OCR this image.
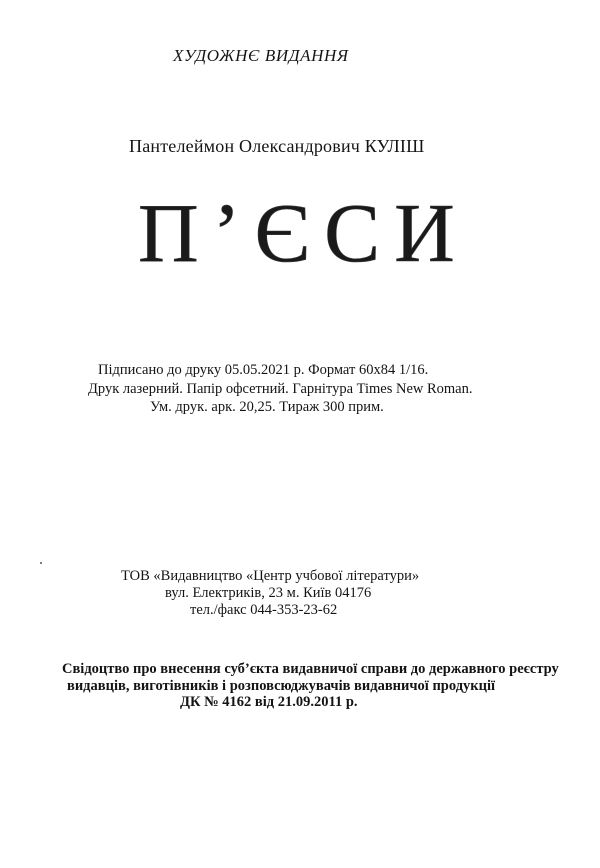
ХУДОЖНЄ ВИДАННЯ
Пантелеймон Олександрович КУЛІШ
П’ЄСИ
Підписано до друку 05.05.2021 р. Формат 60х84 1/16.
Друк лазерний. Папір офсетний. Гарнітура Times New Roman.
Ум. друк. арк. 20,25. Тираж 300 прим.
ТОВ «Видавництво «Центр учбової літератури»
вул. Електриків, 23 м. Київ 04176
тел./факс 044-353-23-62
Свідоцтво про внесення суб’єкта видавничої справи до державного реєстру
видавців, виготівників і розповсюджувачів видавничої продукції
ДК № 4162 від 21.09.2011 р.
